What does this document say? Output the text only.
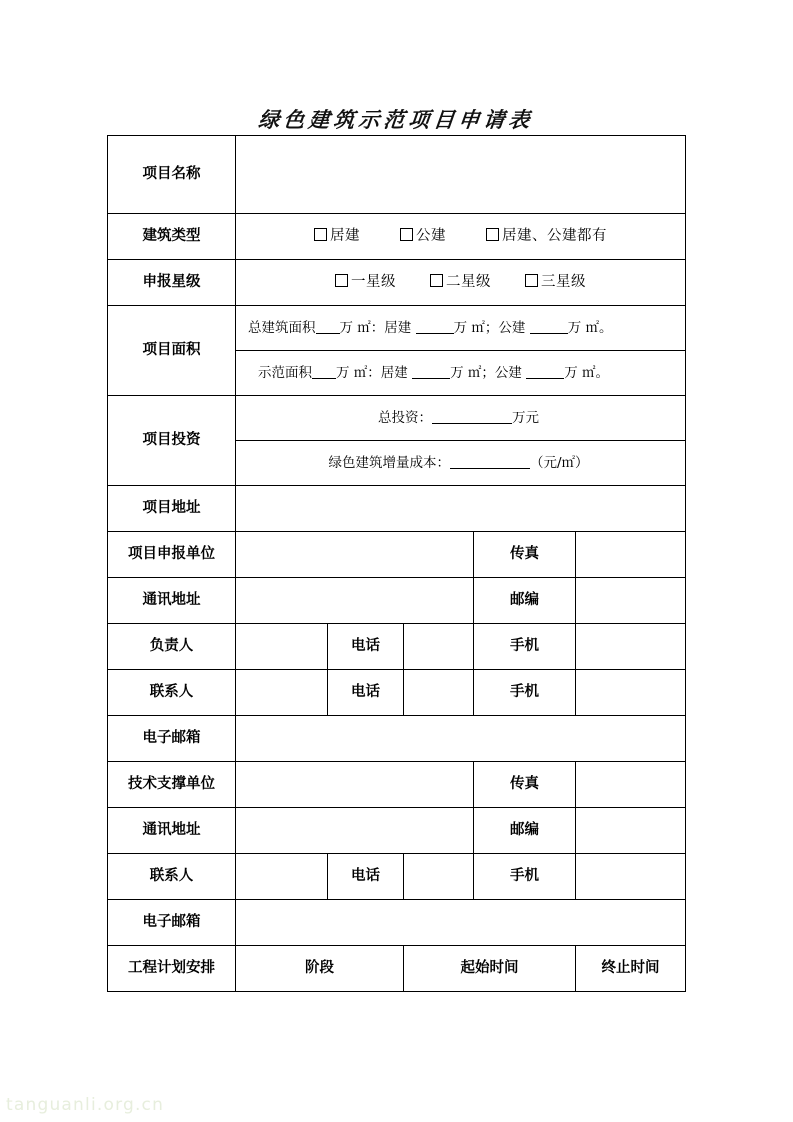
绿色建筑示范项目申请表
项目名称					
建筑类型	居建 公建 居建、公建都有				

申报星级	一星级 二星级 三星级				

项目面积	总建筑面积 万 ㎡：居建 万 ㎡；公建 万 ㎡。				
	示范面积 万 ㎡：居建 万 ㎡；公建 万 ㎡。				
项目投资	总投资： 万元				
	绿色建筑增量成本： （元/㎡）				
项目地址					
项目申报单位				传真	
通讯地址				邮编	
负责人		电话		手机	
联系人		电话		手机	
电子邮箱					
技术支撑单位				传真	
通讯地址				邮编	
联系人		电话		手机	
电子邮箱					
工程计划安排	阶段		起始时间		终止时间
tanguanli.org.cn
